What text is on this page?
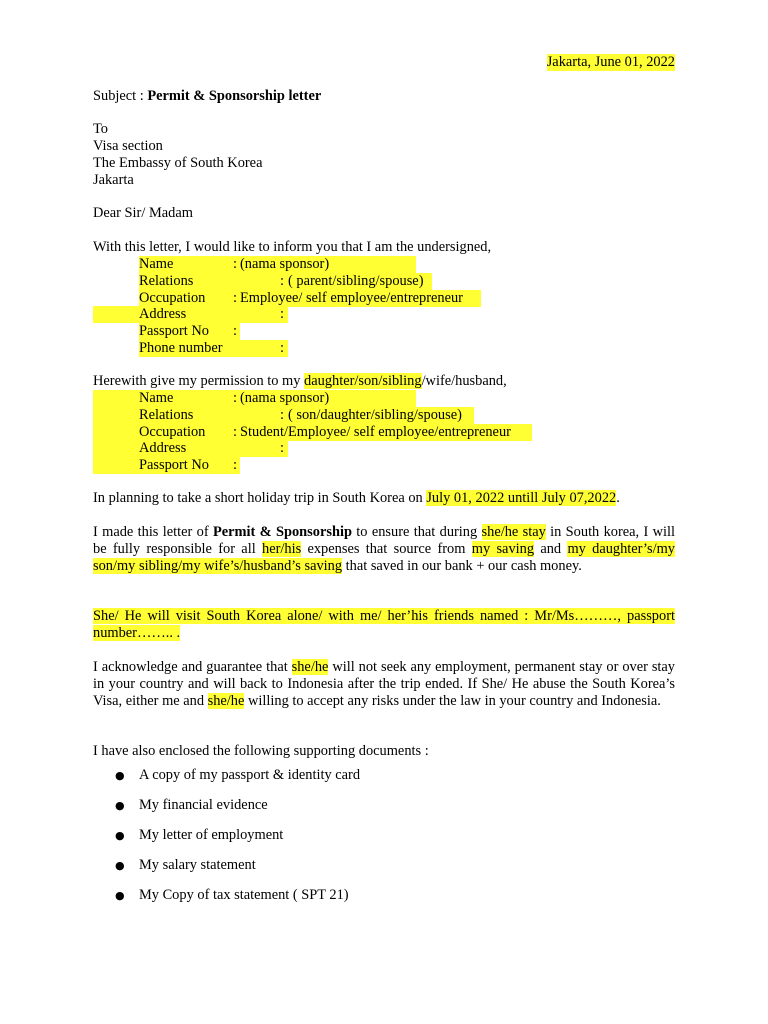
Jakarta, June 01, 2022
Subject : Permit & Sponsorship letter
To
Visa section
The Embassy of South Korea
Jakarta
Dear Sir/ Madam
With this letter, I would like to inform you that I am the undersigned,
Name	: (nama sponsor)
Relations	: ( parent/sibling/spouse)
Occupation : Employee/ self employee/entrepreneur
Address	:
Passport No :
Phone number	:
Herewith give my permission to my daughter/son/sibling/wife/husband,
Name	: (nama sponsor)
Relations	: ( son/daughter/sibling/spouse)
Occupation : Student/Employee/ self employee/entrepreneur
Address	:
Passport No :
In planning to take a short holiday trip in South Korea on July 01, 2022 untill July 07,2022.
I made this letter of Permit & Sponsorship to ensure that during she/he stay in South korea, I will be fully responsible for all her/his expenses that source from my saving and my daughter’s/my son/my sibling/my wife’s/husband’s saving that saved in our bank + our cash money.
She/ He will visit South Korea alone/ with me/ her’his friends named : Mr/Ms………, passport number…….. .
I acknowledge and guarantee that she/he will not seek any employment, permanent stay or over stay in your country and will back to Indonesia after the trip ended. If She/ He abuse the South Korea’s Visa, either me and she/he willing to accept any risks under the law in your country and Indonesia.
I have also enclosed the following supporting documents :
● A copy of my passport & identity card
● My financial evidence
● My letter of employment
● My salary statement
● My Copy of tax statement ( SPT 21)
